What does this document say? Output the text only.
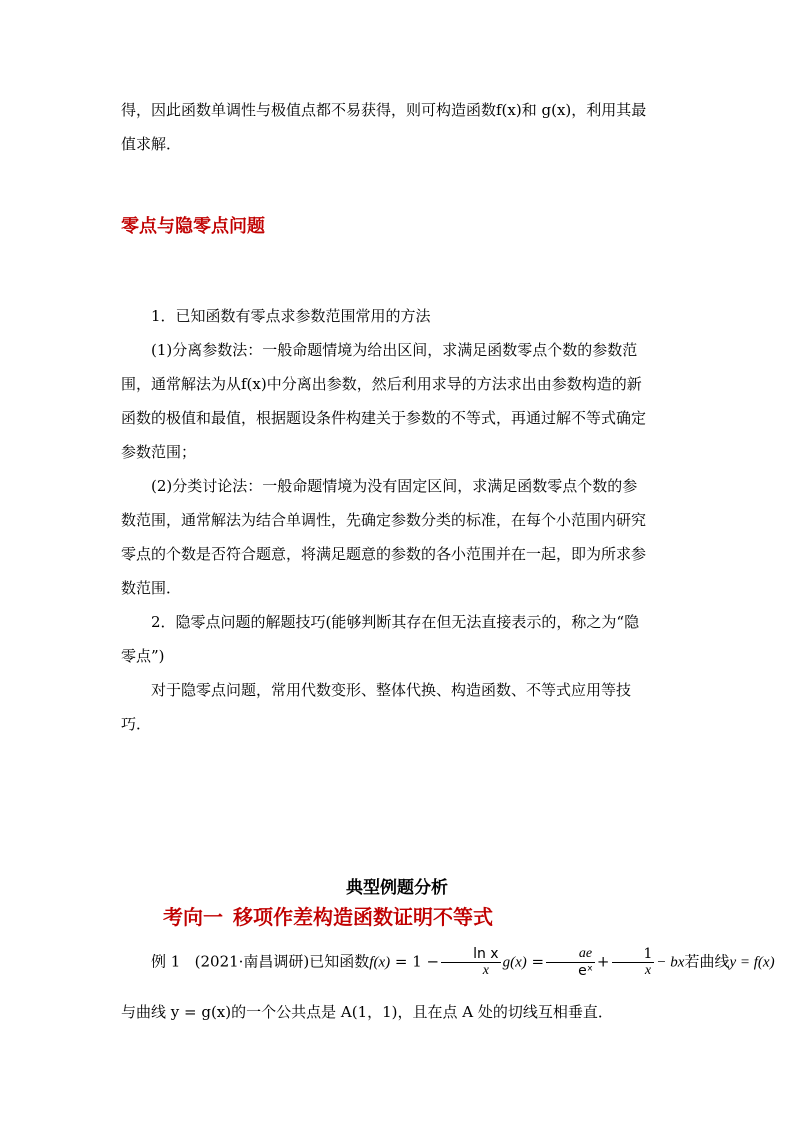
得，因此函数单调性与极值点都不易获得，则可构造函数f(x)和 g(x)，利用其最

值求解．

零点与隐零点问题

1．已知函数有零点求参数范围常用的方法

(1)分离参数法：一般命题情境为给出区间，求满足函数零点个数的参数范

围，通常解法为从f(x)中分离出参数，然后利用求导的方法求出由参数构造的新

函数的极值和最值，根据题设条件构建关于参数的不等式，再通过解不等式确定

参数范围；

(2)分类讨论法：一般命题情境为没有固定区间，求满足函数零点个数的参

数范围，通常解法为结合单调性，先确定参数分类的标准，在每个小范围内研究

零点的个数是否符合题意，将满足题意的参数的各小范围并在一起，即为所求参

数范围．

2．隐零点问题的解题技巧(能够判断其存在但无法直接表示的，称之为“隐

零点”)

对于隐零点问题，常用代数变形、整体代换、构造函数、不等式应用等技

巧．

典型例题分析
考向一 移项作差构造函数证明不等式
例 1 (2021·南昌调研)已知函数$f(x) = 1 - \frac{\text{ln x}}{x} g(x) = \frac{ae}{\text{eˣ}} + \frac{1}{x}$ − bx若曲线y = f(x)
与曲线 y = g(x)的一个公共点是 A(1，1)，且在点 A 处的切线互相垂直．
